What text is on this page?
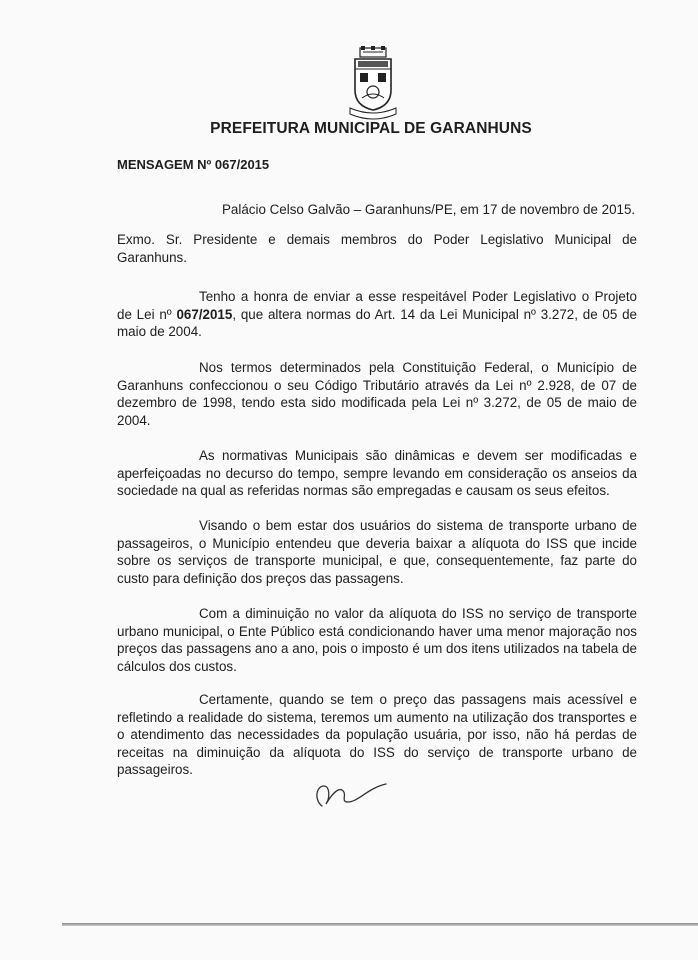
PREFEITURA MUNICIPAL DE GARANHUNS
MENSAGEM Nº 067/2015
Palácio Celso Galvão – Garanhuns/PE, em 17 de novembro de 2015.

Exmo. Sr. Presidente e demais membros do Poder Legislativo Municipal de Garanhuns.

Tenho a honra de enviar a esse respeitável Poder Legislativo o Projeto de Lei nº 067/2015, que altera normas do Art. 14 da Lei Municipal nº 3.272, de 05 de maio de 2004.

Nos termos determinados pela Constituição Federal, o Município de Garanhuns confeccionou o seu Código Tributário através da Lei nº 2.928, de 07 de dezembro de 1998, tendo esta sido modificada pela Lei nº 3.272, de 05 de maio de 2004.

As normativas Municipais são dinâmicas e devem ser modificadas e aperfeiçoadas no decurso do tempo, sempre levando em consideração os anseios da sociedade na qual as referidas normas são empregadas e causam os seus efeitos.

Visando o bem estar dos usuários do sistema de transporte urbano de passageiros, o Município entendeu que deveria baixar a alíquota do ISS que incide sobre os serviços de transporte municipal, e que, consequentemente, faz parte do custo para definição dos preços das passagens.

Com a diminuição no valor da alíquota do ISS no serviço de transporte urbano municipal, o Ente Público está condicionando haver uma menor majoração nos preços das passagens ano a ano, pois o imposto é um dos itens utilizados na tabela de cálculos dos custos.

Certamente, quando se tem o preço das passagens mais acessível e refletindo a realidade do sistema, teremos um aumento na utilização dos transportes e o atendimento das necessidades da população usuária, por isso, não há perdas de receitas na diminuição da alíquota do ISS do serviço de transporte urbano de passageiros.
